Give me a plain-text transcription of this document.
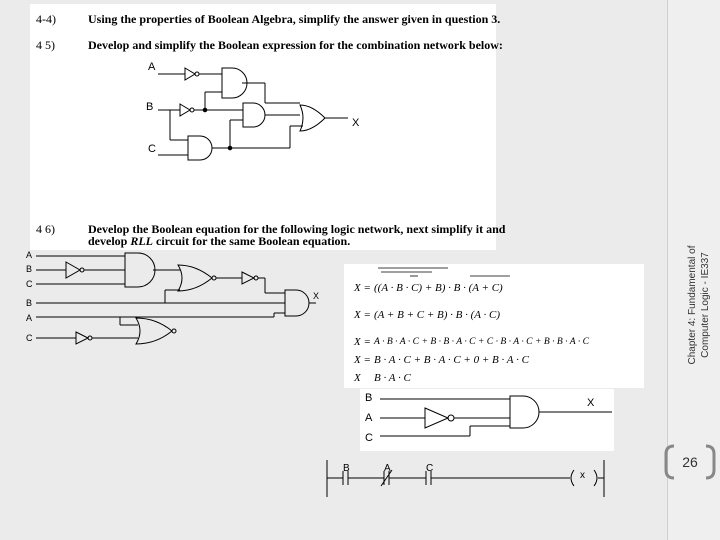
4-4)	Using the properties of Boolean Algebra, simplify the answer given in question 3.
4 5)	Develop and simplify the Boolean expression for the combination network below:
A
B
C
X
4 6)	Develop the Boolean equation for the following logic network, next simplify it and
develop RLL circuit for the same Boolean equation.
A
B
C
B
A
C
X
X = ((A · B · C) + B) · B · (A + C)
X = (A + B + C + B) · B · (A · C)
X = A · B · A · C + B · B · A · C + C · B · A · C + B · B · A · C
X = B · A · C + B · A · C + 0 + B · A · C
X B · A · C
B
A
C
X
B	A	C
x
Chapter 4: Fundamental of Computer Logic - IE337
26
